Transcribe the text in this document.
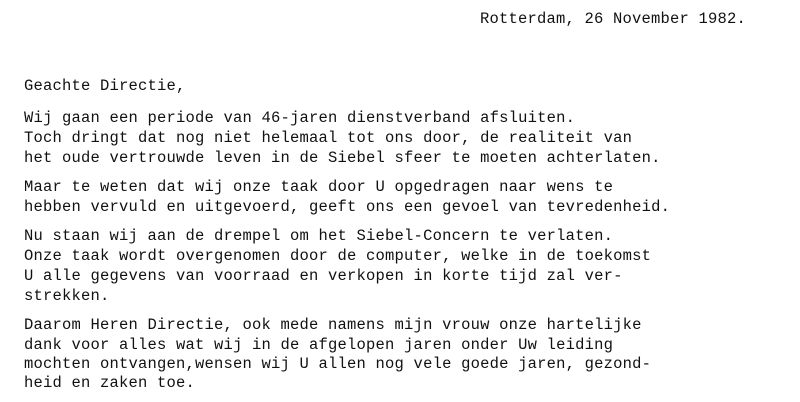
Rotterdam, 26 November 1982.
Geachte Directie,
Wij gaan een periode van 46-jaren dienstverband afsluiten.
Toch dringt dat nog niet helemaal tot ons door, de realiteit van
het oude vertrouwde leven in de Siebel sfeer te moeten achterlaten.
Maar te weten dat wij onze taak door U opgedragen naar wens te
hebben vervuld en uitgevoerd, geeft ons een gevoel van tevredenheid.
Nu staan wij aan de drempel om het Siebel-Concern te verlaten.
Onze taak wordt overgenomen door de computer, welke in de toekomst
U alle gegevens van voorraad en verkopen in korte tijd zal ver-
strekken.
Daarom Heren Directie, ook mede namens mijn vrouw onze hartelijke
dank voor alles wat wij in de afgelopen jaren onder Uw leiding
mochten ontvangen,wensen wij U allen nog vele goede jaren, gezond-
heid en zaken toe.
